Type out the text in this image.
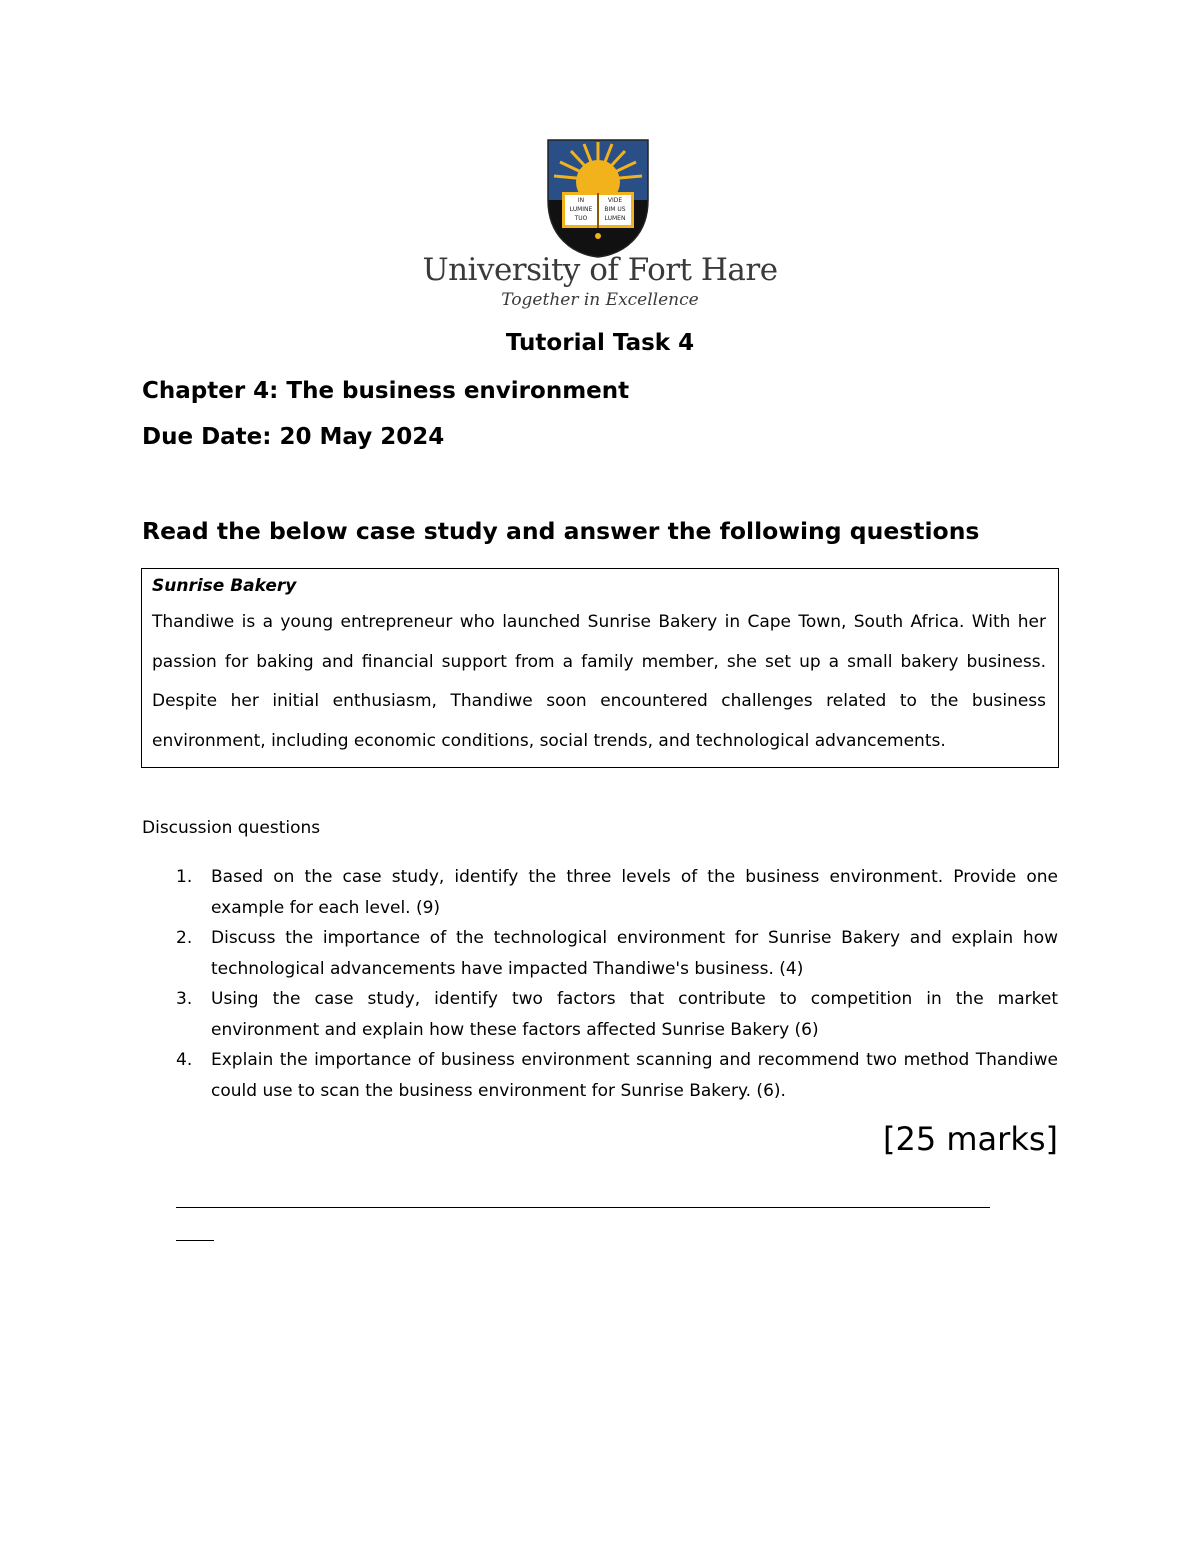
IN
LUMINE
TUO
VIDE
BIM US
LUMEN
University of Fort Hare
Together in Excellence
Tutorial Task 4
Chapter 4: The business environment
Due Date: 20 May 2024
Read the below case study and answer the following questions
Sunrise Bakery
Thandiwe is a young entrepreneur who launched Sunrise Bakery in Cape Town, South Africa. With her passion for baking and financial support from a family member, she set up a small bakery business. Despite her initial enthusiasm, Thandiwe soon encountered challenges related to the business environment, including economic conditions, social trends, and technological advancements.
Discussion questions
1. Based on the case study, identify the three levels of the business environment. Provide one example for each level. (9)
2. Discuss the importance of the technological environment for Sunrise Bakery and explain how technological advancements have impacted Thandiwe's business. (4)
3. Using the case study, identify two factors that contribute to competition in the market environment and explain how these factors affected Sunrise Bakery (6)
4. Explain the importance of business environment scanning and recommend two method Thandiwe could use to scan the business environment for Sunrise Bakery. (6).
[25 marks]
